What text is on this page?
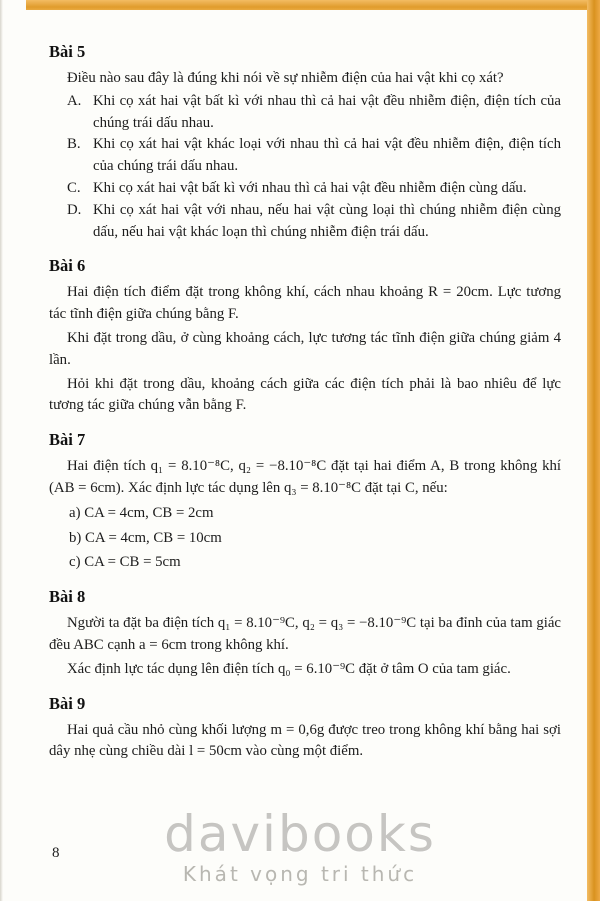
Bài 5

Điều nào sau đây là đúng khi nói về sự nhiễm điện của hai vật khi cọ xát?

A. Khi cọ xát hai vật bất kì với nhau thì cả hai vật đều nhiễm điện, điện tích của chúng trái dấu nhau.
B. Khi cọ xát hai vật khác loại với nhau thì cả hai vật đều nhiễm điện, điện tích của chúng trái dấu nhau.
C. Khi cọ xát hai vật bất kì với nhau thì cả hai vật đều nhiễm điện cùng dấu.
D. Khi cọ xát hai vật với nhau, nếu hai vật cùng loại thì chúng nhiễm điện cùng dấu, nếu hai vật khác loạn thì chúng nhiễm điện trái dấu.
Bài 6

Hai điện tích điểm đặt trong không khí, cách nhau khoảng R = 20cm. Lực tương tác tĩnh điện giữa chúng bằng F.

Khi đặt trong dầu, ở cùng khoảng cách, lực tương tác tĩnh điện giữa chúng giảm 4 lần.

Hỏi khi đặt trong dầu, khoảng cách giữa các điện tích phải là bao nhiêu để lực tương tác giữa chúng vẫn bằng F.

Bài 7

Hai điện tích q₁ = 8.10⁻⁸C, q₂ = −8.10⁻⁸C đặt tại hai điểm A, B trong không khí (AB = 6cm). Xác định lực tác dụng lên q₃ = 8.10⁻⁸C đặt tại C, nếu:

a) CA = 4cm, CB = 2cm
b) CA = 4cm, CB = 10cm
c) CA = CB = 5cm
Bài 8

Người ta đặt ba điện tích q₁ = 8.10⁻⁹C, q₂ = q₃ = −8.10⁻⁹C tại ba đỉnh của tam giác đều ABC cạnh a = 6cm trong không khí.

Xác định lực tác dụng lên điện tích q₀ = 6.10⁻⁹C đặt ở tâm O của tam giác.

Bài 9

Hai quả cầu nhỏ cùng khối lượng m = 0,6g được treo trong không khí bằng hai sợi dây nhẹ cùng chiều dài l = 50cm vào cùng một điểm.

8	davibooks
Khát vọng tri thức
